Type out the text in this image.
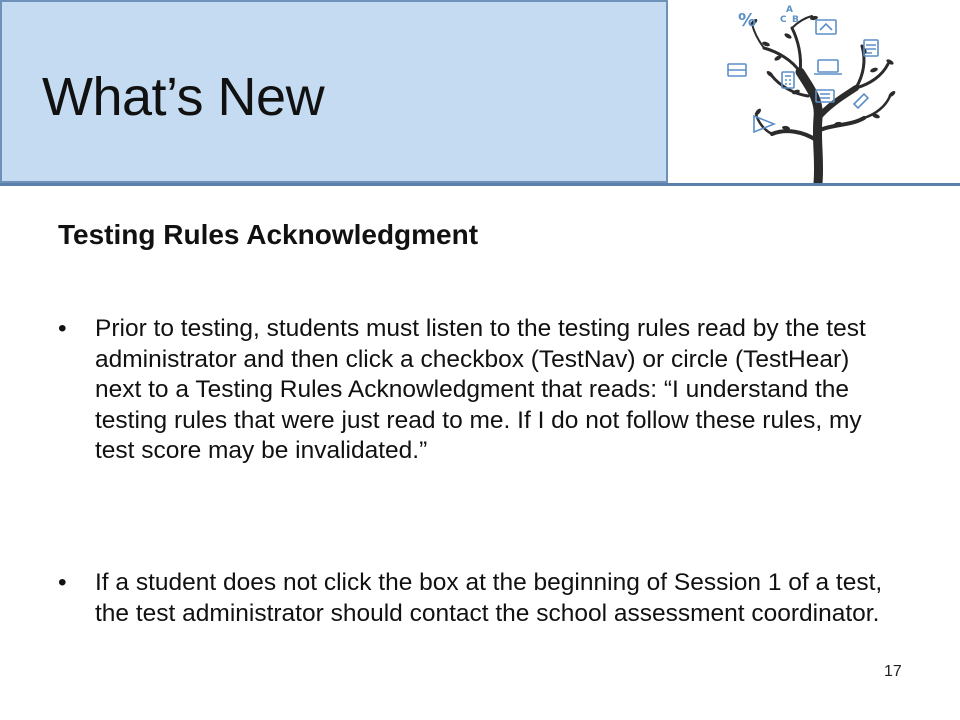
What’s New
%	A
C B
Testing Rules Acknowledgment
• Prior to testing, students must listen to the testing rules read by the test administrator and then click a checkbox (TestNav) or circle (TestHear) next to a Testing Rules Acknowledgment that reads: “I understand the testing rules that were just read to me. If I do not follow these rules, my test score may be invalidated.”
• If a student does not click the box at the beginning of Session 1 of a test, the test administrator should contact the school assessment coordinator.
17
